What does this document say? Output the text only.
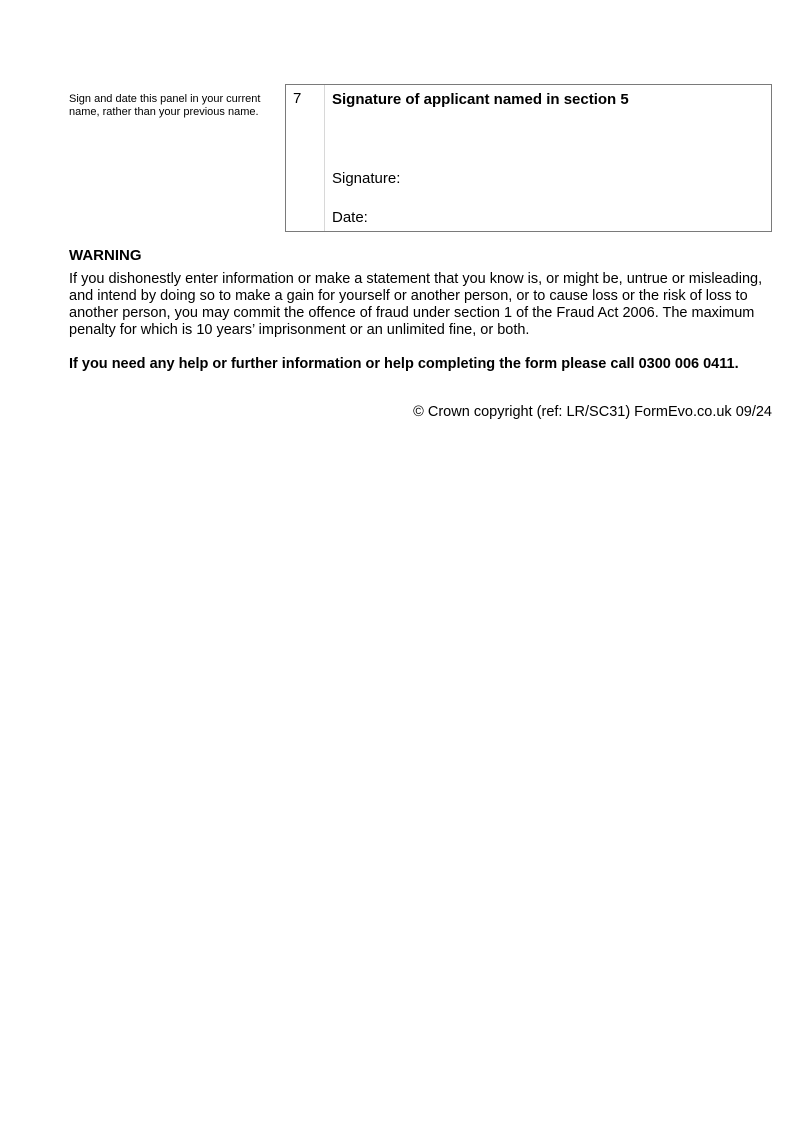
Sign and date this panel in your current name, rather than your previous name.
7 Signature of applicant named in section 5
Signature:
Date:
WARNING

If you dishonestly enter information or make a statement that you know is, or might be, untrue or misleading, and intend by doing so to make a gain for yourself or another person, or to cause loss or the risk of loss to another person, you may commit the offence of fraud under section 1 of the Fraud Act 2006. The maximum penalty for which is 10 years’ imprisonment or an unlimited fine, or both.

If you need any help or further information or help completing the form please call 0300 006 0411.
© Crown copyright (ref: LR/SC31) FormEvo.co.uk 09/24
